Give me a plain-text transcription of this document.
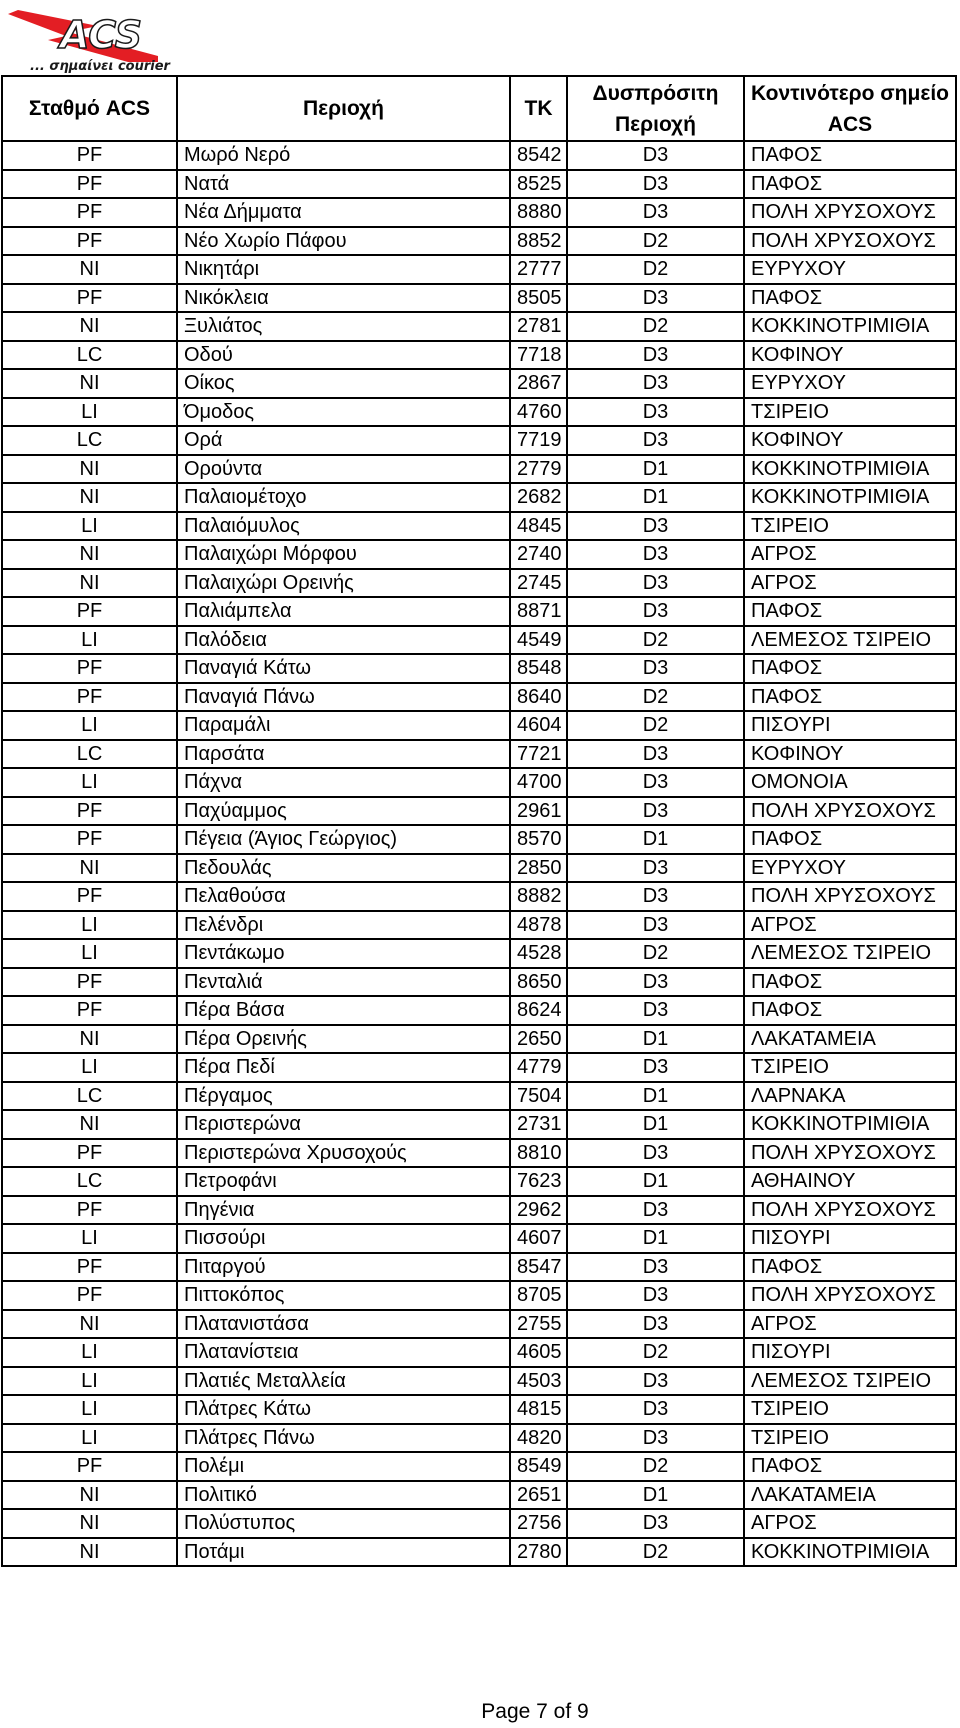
ACS
... σημαίνει courier
Σταθμό ACS	Περιοχή	ΤΚ	Δυσπρόσιτη
Περιοχή	Κοντινότερο σημείο
ACS
PF	Μωρό Νερό	8542	D3	ΠΑΦΟΣ
PF	Νατά	8525	D3	ΠΑΦΟΣ
PF	Νέα Δήμματα	8880	D3	ΠΟΛΗ ΧΡΥΣΟΧΟΥΣ
PF	Νέο Χωρίο Πάφου	8852	D2	ΠΟΛΗ ΧΡΥΣΟΧΟΥΣ
NI	Νικητάρι	2777	D2	ΕΥΡΥΧΟΥ
PF	Νικόκλεια	8505	D3	ΠΑΦΟΣ
NI	Ξυλιάτος	2781	D2	ΚΟΚΚΙΝΟΤΡΙΜΙΘΙΑ
LC	Οδού	7718	D3	ΚΟΦΙΝΟΥ
NI	Οίκος	2867	D3	ΕΥΡΥΧΟΥ
LI	Όμοδος	4760	D3	ΤΣΙΡΕΙΟ
LC	Ορά	7719	D3	ΚΟΦΙΝΟΥ
NI	Ορούντα	2779	D1	ΚΟΚΚΙΝΟΤΡΙΜΙΘΙΑ
NI	Παλαιομέτοχο	2682	D1	ΚΟΚΚΙΝΟΤΡΙΜΙΘΙΑ
LI	Παλαιόμυλος	4845	D3	ΤΣΙΡΕΙΟ
NI	Παλαιχώρι Μόρφου	2740	D3	ΑΓΡΟΣ
NI	Παλαιχώρι Ορεινής	2745	D3	ΑΓΡΟΣ
PF	Παλιάμπελα	8871	D3	ΠΑΦΟΣ
LI	Παλόδεια	4549	D2	ΛΕΜΕΣΟΣ ΤΣΙΡΕΙΟ
PF	Παναγιά Κάτω	8548	D3	ΠΑΦΟΣ
PF	Παναγιά Πάνω	8640	D2	ΠΑΦΟΣ
LI	Παραμάλι	4604	D2	ΠΙΣΟΥΡΙ
LC	Παρσάτα	7721	D3	ΚΟΦΙΝΟΥ
LI	Πάχνα	4700	D3	ΟΜΟΝΟΙΑ
PF	Παχύαμμος	2961	D3	ΠΟΛΗ ΧΡΥΣΟΧΟΥΣ
PF	Πέγεια (Άγιος Γεώργιος)	8570	D1	ΠΑΦΟΣ
NI	Πεδουλάς	2850	D3	ΕΥΡΥΧΟΥ
PF	Πελαθούσα	8882	D3	ΠΟΛΗ ΧΡΥΣΟΧΟΥΣ
LI	Πελένδρι	4878	D3	ΑΓΡΟΣ
LI	Πεντάκωμο	4528	D2	ΛΕΜΕΣΟΣ ΤΣΙΡΕΙΟ
PF	Πενταλιά	8650	D3	ΠΑΦΟΣ
PF	Πέρα Βάσα	8624	D3	ΠΑΦΟΣ
NI	Πέρα Ορεινής	2650	D1	ΛΑΚΑΤΑΜΕΙΑ
LI	Πέρα Πεδί	4779	D3	ΤΣΙΡΕΙΟ
LC	Πέργαμος	7504	D1	ΛΑΡΝΑΚΑ
NI	Περιστερώνα	2731	D1	ΚΟΚΚΙΝΟΤΡΙΜΙΘΙΑ
PF	Περιστερώνα Χρυσοχούς	8810	D3	ΠΟΛΗ ΧΡΥΣΟΧΟΥΣ
LC	Πετροφάνι	7623	D1	ΑΘΗΑΙΝΟΥ
PF	Πηγένια	2962	D3	ΠΟΛΗ ΧΡΥΣΟΧΟΥΣ
LI	Πισσούρι	4607	D1	ΠΙΣΟΥΡΙ
PF	Πιταργού	8547	D3	ΠΑΦΟΣ
PF	Πιττοκόπος	8705	D3	ΠΟΛΗ ΧΡΥΣΟΧΟΥΣ
NI	Πλατανιστάσα	2755	D3	ΑΓΡΟΣ
LI	Πλατανίστεια	4605	D2	ΠΙΣΟΥΡΙ
LI	Πλατιές Μεταλλεία	4503	D3	ΛΕΜΕΣΟΣ ΤΣΙΡΕΙΟ
LI	Πλάτρες Κάτω	4815	D3	ΤΣΙΡΕΙΟ
LI	Πλάτρες Πάνω	4820	D3	ΤΣΙΡΕΙΟ
PF	Πολέμι	8549	D2	ΠΑΦΟΣ
NI	Πολιτικό	2651	D1	ΛΑΚΑΤΑΜΕΙΑ
NI	Πολύστυπος	2756	D3	ΑΓΡΟΣ
NI	Ποτάμι	2780	D2	ΚΟΚΚΙΝΟΤΡΙΜΙΘΙΑ
Page 7 of 9
